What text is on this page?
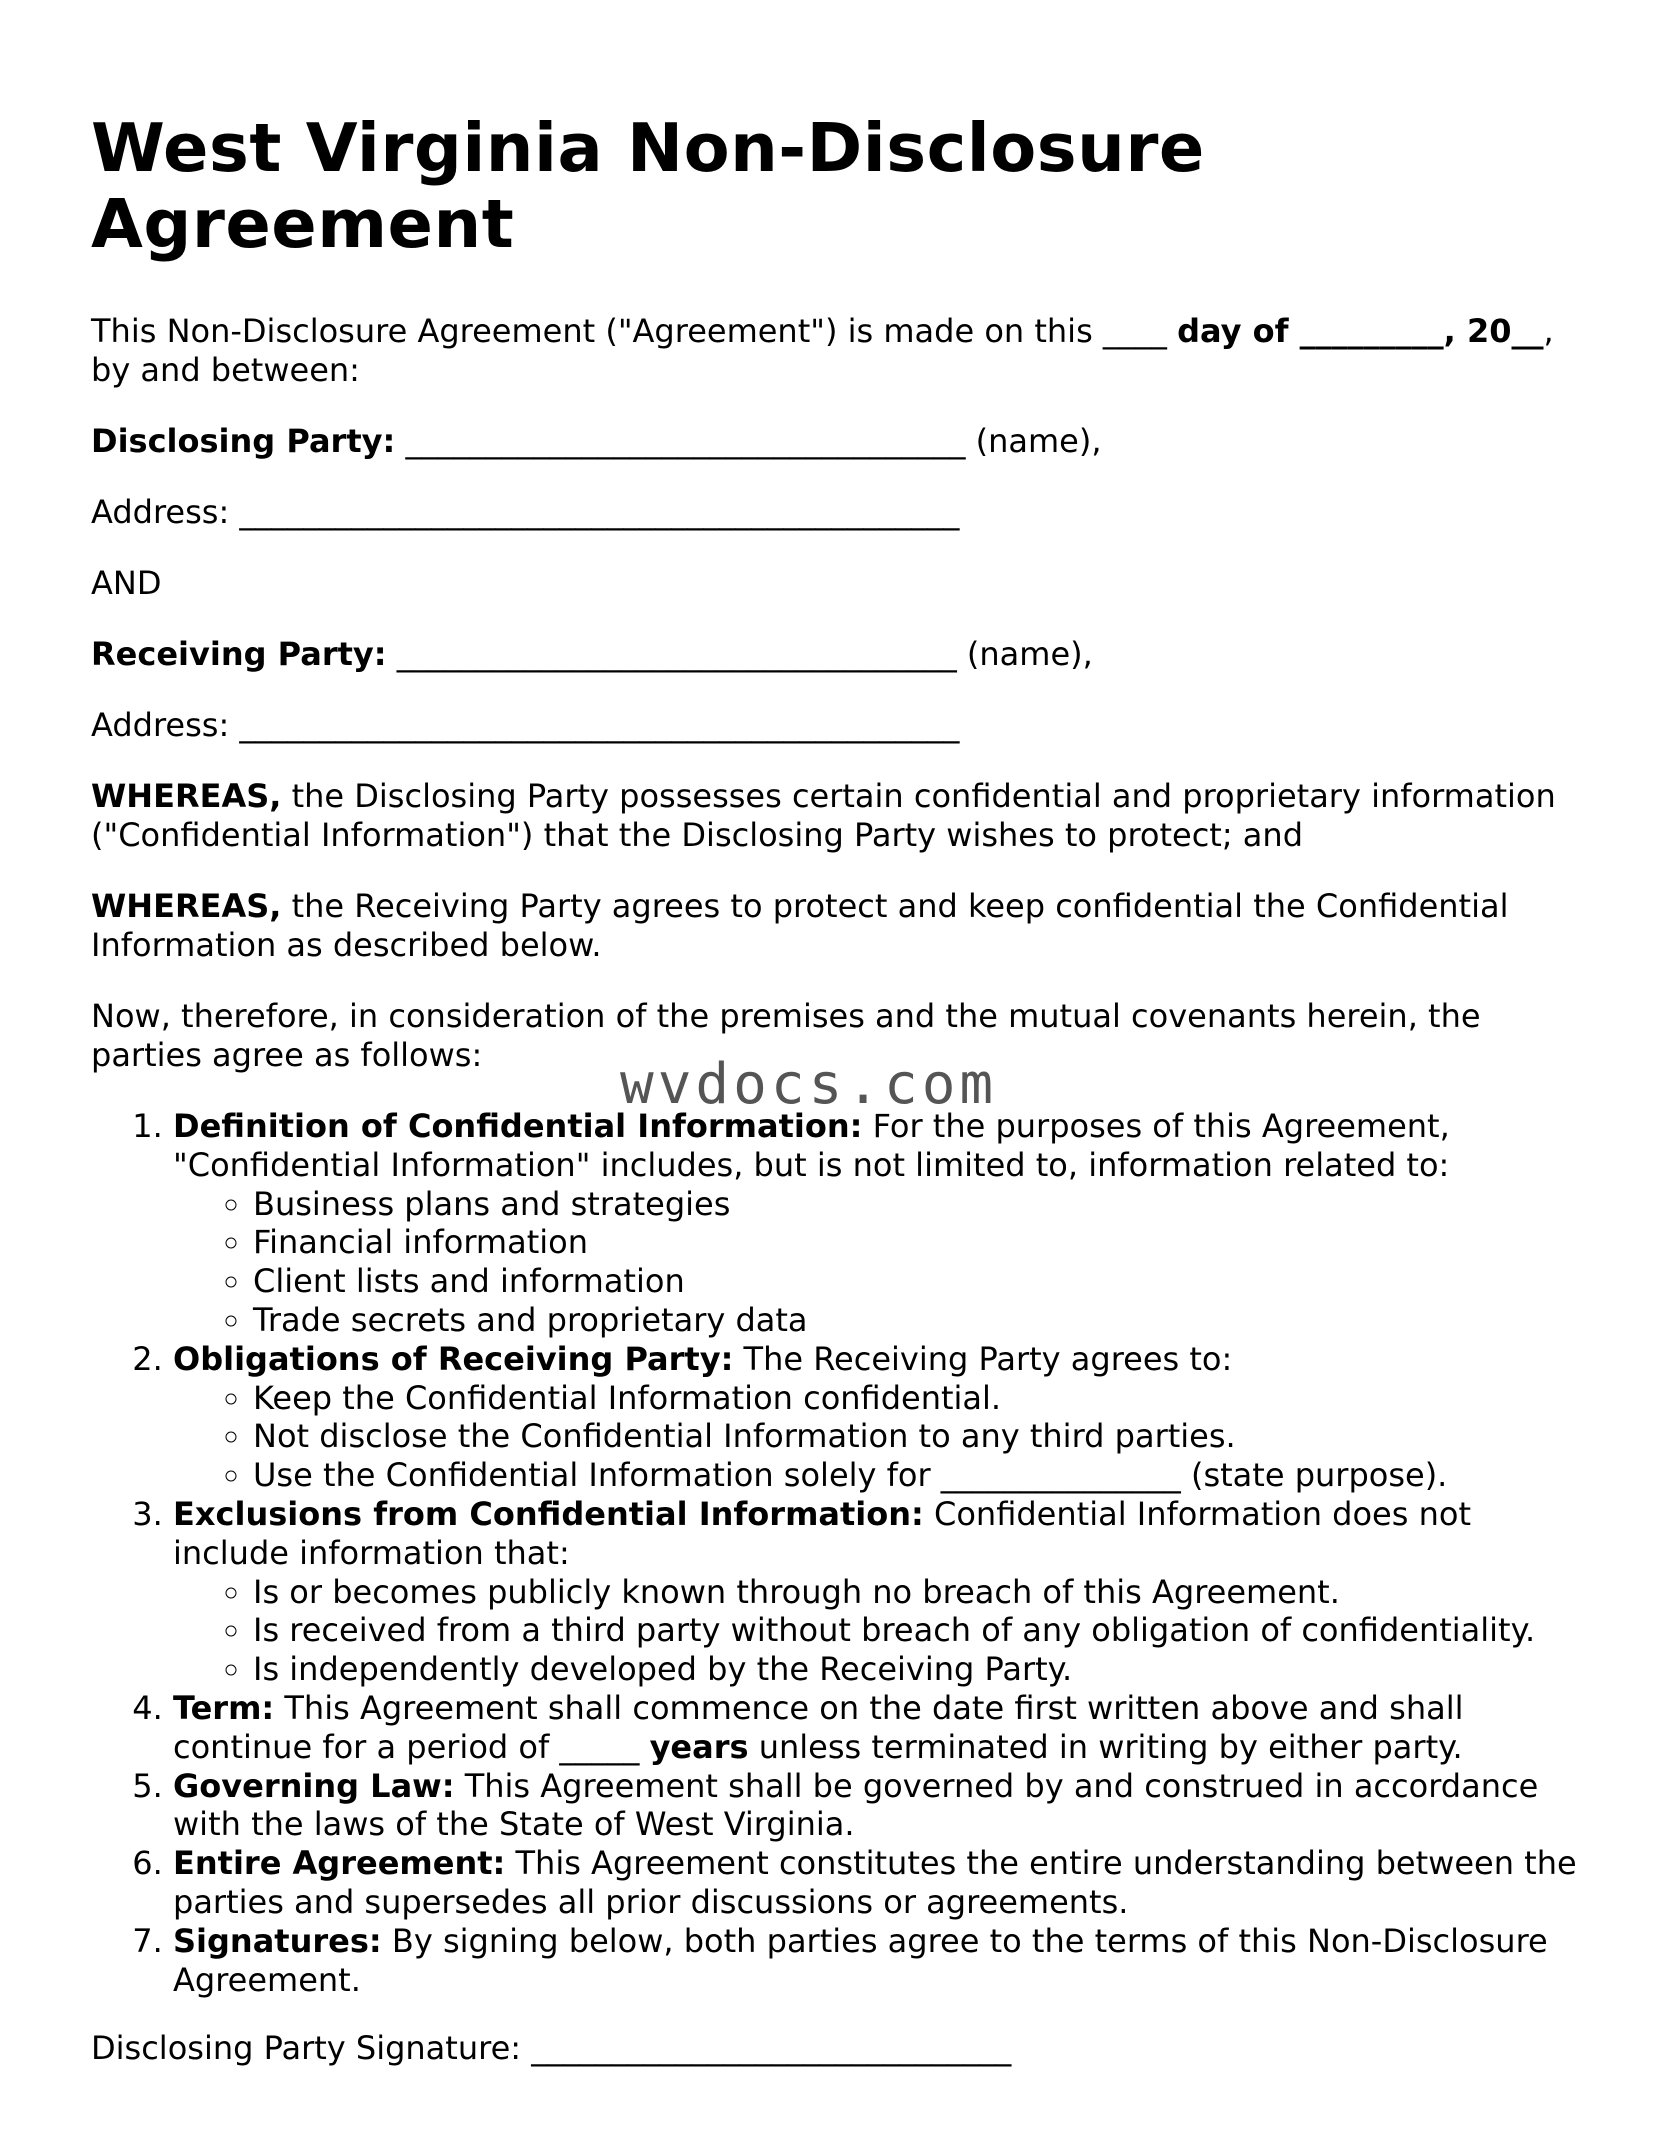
West Virginia Non-Disclosure Agreement

This Non-Disclosure Agreement ("Agreement") is made on this ____ day of _________, 20__, by and between:

Disclosing Party: ___________________________________ (name),
Address: _____________________________________________
AND
Receiving Party: ___________________________________ (name),
Address: _____________________________________________

WHEREAS, the Disclosing Party possesses certain confidential and proprietary information ("Confidential Information") that the Disclosing Party wishes to protect; and

WHEREAS, the Receiving Party agrees to protect and keep confidential the Confidential Information as described below.

Now, therefore, in consideration of the premises and the mutual covenants herein, the parties agree as follows:

1. Definition of Confidential Information: For the purposes of this Agreement, "Confidential Information" includes, but is not limited to, information related to:
◦ Business plans and strategies
◦ Financial information
◦ Client lists and information
◦ Trade secrets and proprietary data
2. Obligations of Receiving Party: The Receiving Party agrees to:
◦ Keep the Confidential Information confidential.
◦ Not disclose the Confidential Information to any third parties.
◦ Use the Confidential Information solely for _______________ (state purpose).
3. Exclusions from Confidential Information: Confidential Information does not include information that:
◦ Is or becomes publicly known through no breach of this Agreement.
◦ Is received from a third party without breach of any obligation of confidentiality.
◦ Is independently developed by the Receiving Party.
4. Term: This Agreement shall commence on the date first written above and shall continue for a period of _____ years unless terminated in writing by either party.
5. Governing Law: This Agreement shall be governed by and construed in accordance with the laws of the State of West Virginia.
6. Entire Agreement: This Agreement constitutes the entire understanding between the parties and supersedes all prior discussions or agreements.
7. Signatures: By signing below, both parties agree to the terms of this Non-Disclosure Agreement.
Disclosing Party Signature: ______________________________
wvdocs.com
